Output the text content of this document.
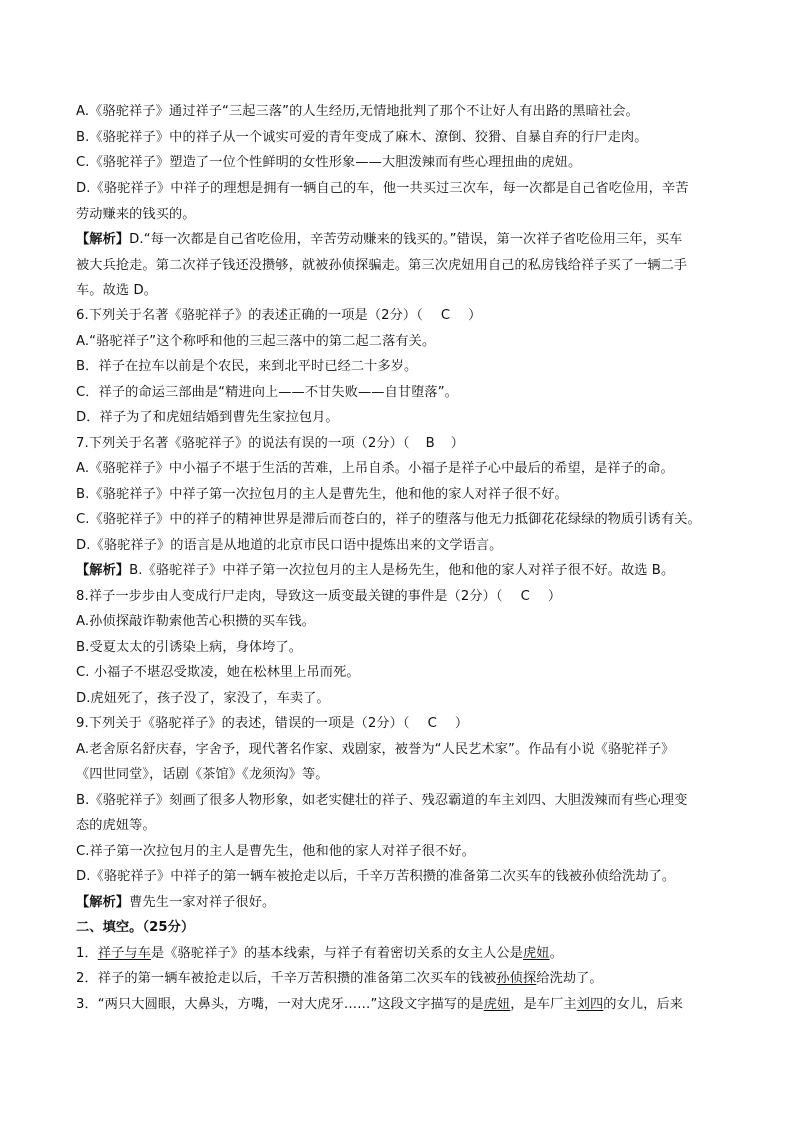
A.《骆驼祥子》通过祥子“三起三落”的人生经历,无情地批判了那个不让好人有出路的黑暗社会。
B.《骆驼祥子》中的祥子从一个诚实可爱的青年变成了麻木、潦倒、狡猾、自暴自弃的行尸走肉。
C.《骆驼祥子》塑造了一位个性鲜明的女性形象——大胆泼辣而有些心理扭曲的虎妞。
D.《骆驼祥子》中祥子的理想是拥有一辆自己的车，他一共买过三次车，每一次都是自己省吃俭用，辛苦
劳动赚来的钱买的。
【解析】D.“每一次都是自己省吃俭用，辛苦劳动赚来的钱买的。”错误，第一次祥子省吃俭用三年，买车
被大兵抢走。第二次祥子钱还没攒够，就被孙侦探骗走。第三次虎妞用自己的私房钱给祥子买了一辆二手
车。故选 D。
6.下列关于名著《骆驼祥子》的表述正确的一项是（2分）（ C ）
A.“骆驼祥子”这个称呼和他的三起三落中的第二起二落有关。
B．祥子在拉车以前是个农民，来到北平时已经二十多岁。
C．祥子的命运三部曲是“精进向上——不甘失败——自甘堕落”。
D．祥子为了和虎妞结婚到曹先生家拉包月。
7.下列关于名著《骆驼祥子》的说法有误的一项（2分）（ B ）
A.《骆驼祥子》中小福子不堪于生活的苦难，上吊自杀。小福子是祥子心中最后的希望，是祥子的命。
B.《骆驼祥子》中祥子第一次拉包月的主人是曹先生，他和他的家人对祥子很不好。
C.《骆驼祥子》中的祥子的精神世界是滞后而苍白的，祥子的堕落与他无力抵御花花绿绿的物质引诱有关。
D.《骆驼祥子》的语言是从地道的北京市民口语中提炼出来的文学语言。
【解析】B.《骆驼祥子》中祥子第一次拉包月的主人是杨先生，他和他的家人对祥子很不好。故选 B。
8.祥子一步步由人变成行尸走肉，导致这一质变最关键的事件是（2分）（ C ）
A.孙侦探敲诈勒索他苦心积攒的买车钱。
B.受夏太太的引诱染上病，身体垮了。
C. 小福子不堪忍受欺凌，她在松林里上吊而死。
D.虎妞死了，孩子没了，家没了，车卖了。
9.下列关于《骆驼祥子》的表述，错误的一项是（2分）（ C ）
A.老舍原名舒庆春，字舍予，现代著名作家、戏剧家，被誉为“人民艺术家”。作品有小说《骆驼祥子》
《四世同堂》，话剧《茶馆》《龙须沟》等。
B.《骆驼祥子》刻画了很多人物形象，如老实健壮的祥子、残忍霸道的车主刘四、大胆泼辣而有些心理变
态的虎妞等。
C.祥子第一次拉包月的主人是曹先生，他和他的家人对祥子很不好。
D.《骆驼祥子》中祥子的第一辆车被抢走以后，千辛万苦积攒的准备第二次买车的钱被孙侦给洗劫了。
【解析】曹先生一家对祥子很好。
二、填空。（25分）
1．祥子与车是《骆驼祥子》的基本线索，与祥子有着密切关系的女主人公是虎妞。
2．祥子的第一辆车被抢走以后，千辛万苦积攒的准备第二次买车的钱被孙侦探给洗劫了。
3．“两只大圆眼，大鼻头，方嘴，一对大虎牙……”这段文字描写的是虎妞，是车厂主刘四的女儿，后来
